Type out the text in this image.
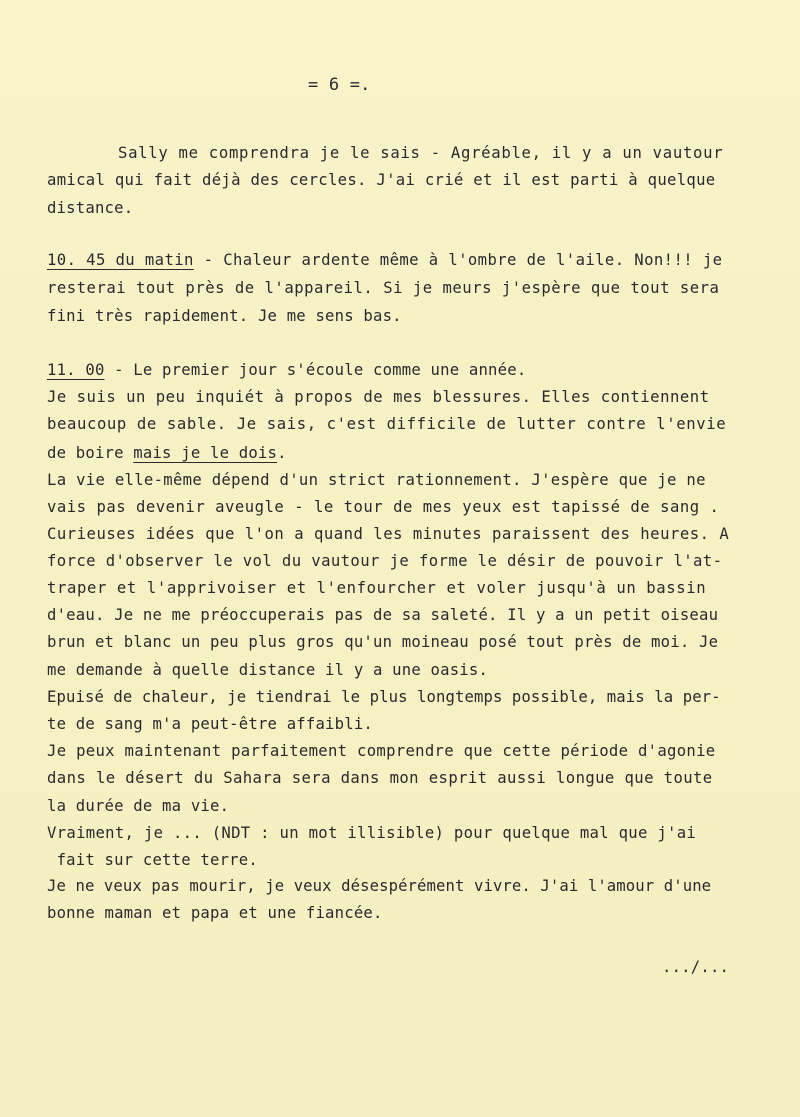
= 6 =.
Sally me comprendra je le sais - Agréable, il y a un vautour
amical qui fait déjà des cercles. J'ai crié et il est parti à quelque
distance.
10. 45 du matin - Chaleur ardente même à l'ombre de l'aile. Non!!! je
resterai tout près de l'appareil. Si je meurs j'espère que tout sera
fini très rapidement. Je me sens bas.
11. 00 - Le premier jour s'écoule comme une année.
Je suis un peu inquiét à propos de mes blessures. Elles contiennent
beaucoup de sable. Je sais, c'est difficile de lutter contre l'envie
de boire mais je le dois.
La vie elle-même dépend d'un strict rationnement. J'espère que je ne
vais pas devenir aveugle - le tour de mes yeux est tapissé de sang .
Curieuses idées que l'on a quand les minutes paraissent des heures. A
force d'observer le vol du vautour je forme le désir de pouvoir l'at-
traper et l'apprivoiser et l'enfourcher et voler jusqu'à un bassin
d'eau. Je ne me préoccuperais pas de sa saleté. Il y a un petit oiseau
brun et blanc un peu plus gros qu'un moineau posé tout près de moi. Je
me demande à quelle distance il y a une oasis.
Epuisé de chaleur, je tiendrai le plus longtemps possible, mais la per-
te de sang m'a peut-être affaibli.
Je peux maintenant parfaitement comprendre que cette période d'agonie
dans le désert du Sahara sera dans mon esprit aussi longue que toute
la durée de ma vie.
Vraiment, je ... (NDT : un mot illisible) pour quelque mal que j'ai
fait sur cette terre.
Je ne veux pas mourir, je veux désespérément vivre. J'ai l'amour d'une
bonne maman et papa et une fiancée.
.../...
